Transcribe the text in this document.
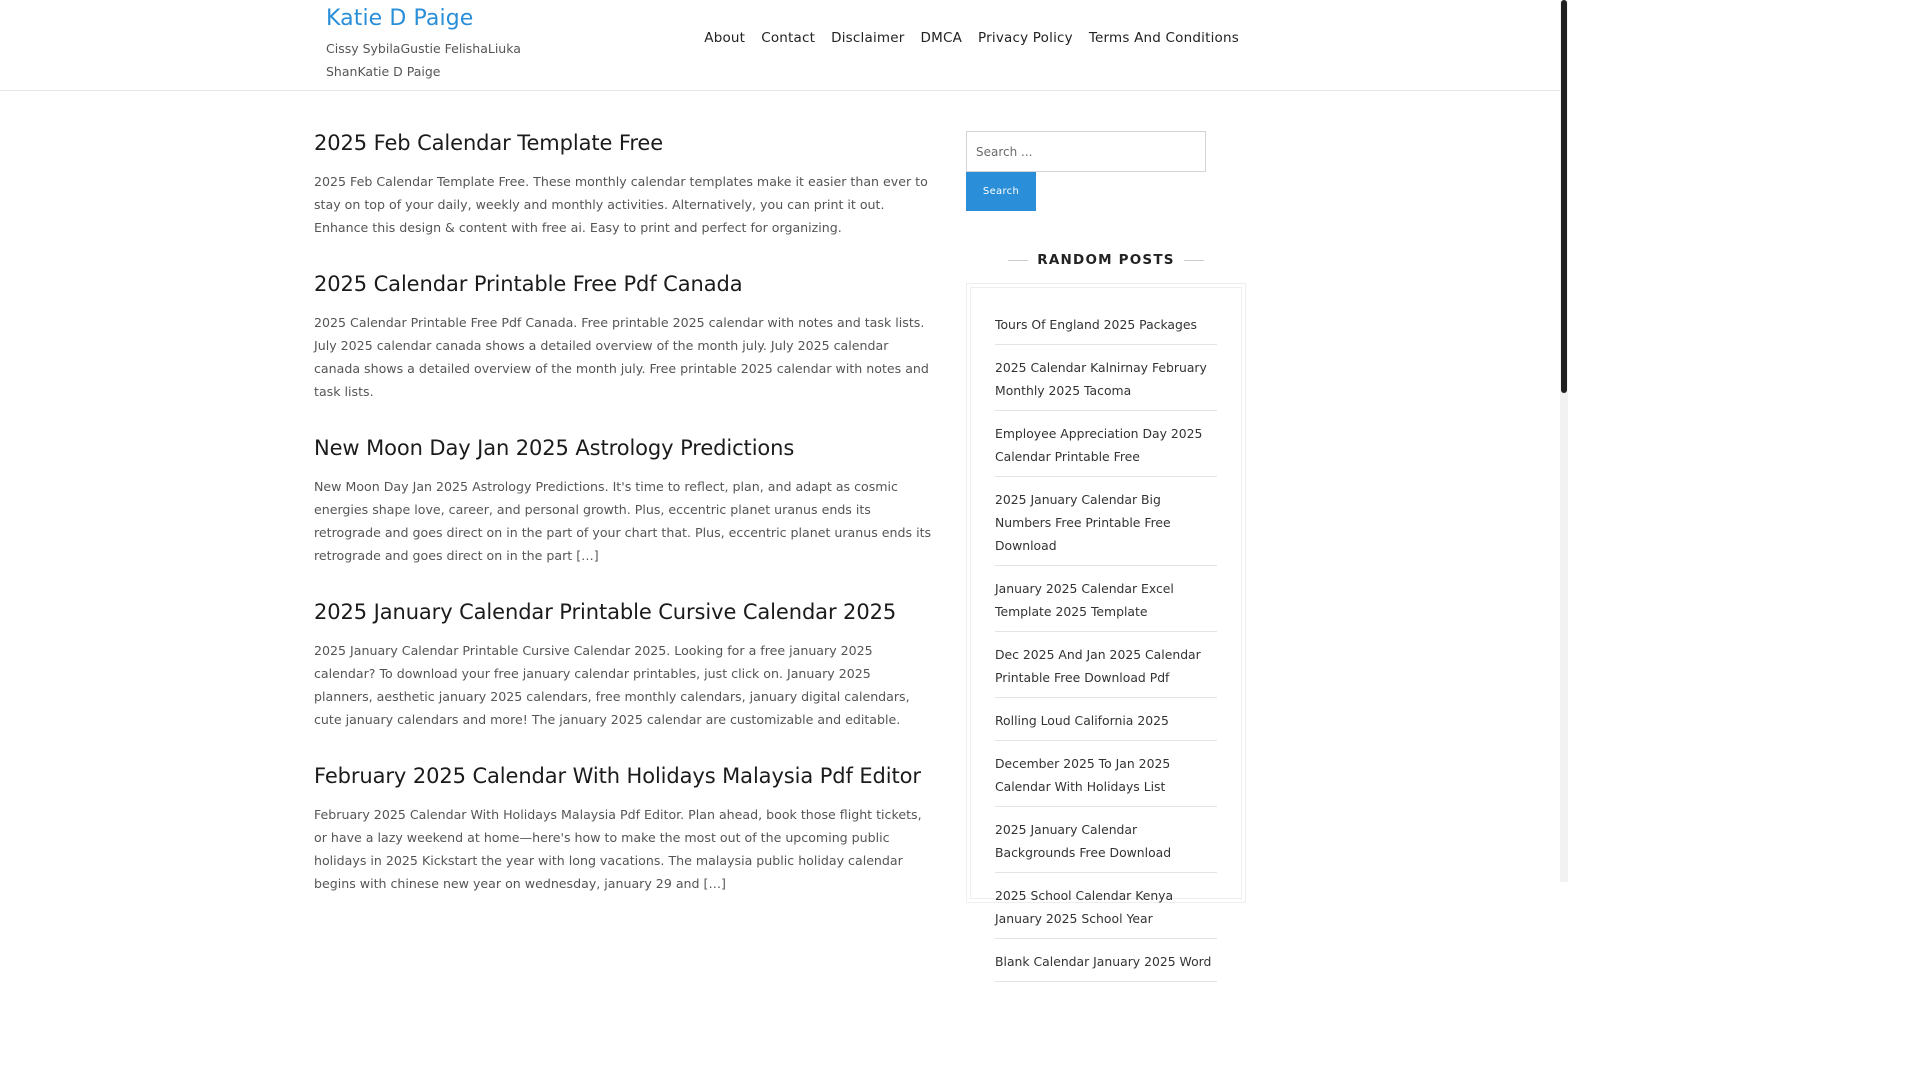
Katie D Paige

Cissy SybilaGustie FelishaLiuka ShanKatie D Paige

About Contact Disclaimer DMCA Privacy Policy Terms And Conditions
2025 Feb Calendar Template Free

2025 Feb Calendar Template Free. These monthly calendar templates make it easier than ever to stay on top of your daily, weekly and monthly activities. Alternatively, you can print it out. Enhance this design & content with free ai. Easy to print and perfect for organizing.

2025 Calendar Printable Free Pdf Canada

2025 Calendar Printable Free Pdf Canada. Free printable 2025 calendar with notes and task lists. July 2025 calendar canada shows a detailed overview of the month july. July 2025 calendar canada shows a detailed overview of the month july. Free printable 2025 calendar with notes and task lists.

New Moon Day Jan 2025 Astrology Predictions

New Moon Day Jan 2025 Astrology Predictions. It's time to reflect, plan, and adapt as cosmic energies shape love, career, and personal growth. Plus, eccentric planet uranus ends its retrograde and goes direct on in the part of your chart that. Plus, eccentric planet uranus ends its retrograde and goes direct on in the part […]

2025 January Calendar Printable Cursive Calendar 2025

2025 January Calendar Printable Cursive Calendar 2025. Looking for a free january 2025 calendar? To download your free january calendar printables, just click on. January 2025 planners, aesthetic january 2025 calendars, free monthly calendars, january digital calendars, cute january calendars and more! The january 2025 calendar are customizable and editable.

February 2025 Calendar With Holidays Malaysia Pdf Editor

February 2025 Calendar With Holidays Malaysia Pdf Editor. Plan ahead, book those flight tickets, or have a lazy weekend at home—here's how to make the most out of the upcoming public holidays in 2025 Kickstart the year with long vacations. The malaysia public holiday calendar begins with chinese new year on wednesday, january 29 and […]

Search ...
Search
RANDOM POSTS
Tours Of England 2025 Packages
2025 Calendar Kalnirnay February Monthly 2025 Tacoma
Employee Appreciation Day 2025 Calendar Printable Free
2025 January Calendar Big Numbers Free Printable Free Download
January 2025 Calendar Excel Template 2025 Template
Dec 2025 And Jan 2025 Calendar Printable Free Download Pdf
Rolling Loud California 2025
December 2025 To Jan 2025 Calendar With Holidays List
2025 January Calendar Backgrounds Free Download
2025 School Calendar Kenya January 2025 School Year
Blank Calendar January 2025 Word
